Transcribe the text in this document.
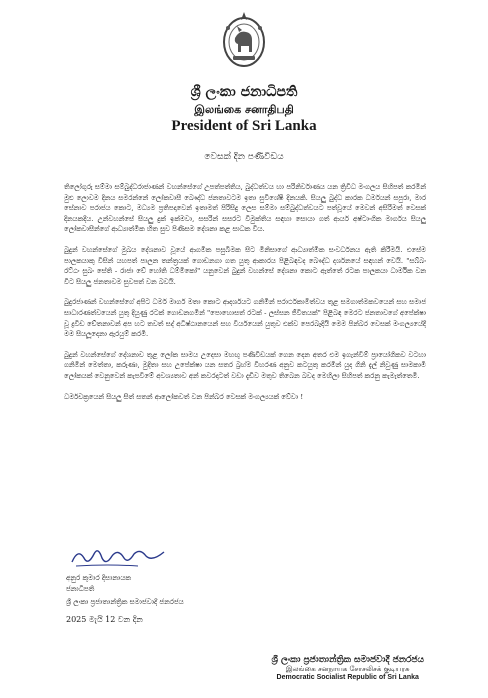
ශ්‍රී ලංකා ජනාධිපති
இலங்கை சனாதிபதி
President of Sri Lanka
වෙසක් දින පණිවිඩය

තිලෝගුරු සම්මා සම්බුද්ධරාජාණන් වහන්සේගේ උපත්පත්තිය, බුද්ධත්වය හා පරිනිර්වාණය යන ත්‍රිවිධ මංගලය සිහිපත් කරමින් මුළු ලොවම දිනය සමරන්නේ ලෝකවාසී බෞද්ධ ජනතාවටම ඉතා සුවිශේෂී දිනයකි. සියලු බුද්ධ කාරක ධර්මයන් සපුරා, මාර සේනාව පරාජය කොට, මධ්‍යම ප්‍රතිපදාවෙන් ඉතාමත් පිරිසිදු ලෙස සම්මා සම්බුද්ධත්වයට පත්වූයේ මෙවන් අසිරිමත් වෙසක් දිනයකදීය. උන්වහන්සේ සියලු දුක් ඉක්මවා, සසරින් සසරට විමුක්තිය සඳහා සොයා ගත් ආර්ය අෂ්ටාංගික මාර්ගය සියලු ලෝකවාසීන්ගේ ආධ්‍යාත්මික හිත සුව පිණිසම දේශනා කළ සාධක විය.

බුදුන් වහන්සේගේ මුඛය දේශනාව වූයේ ආගමික පසුබිමක සිට මිනිසාගේ ආධ්‍යාත්මික සංවර්ධනය ඇති කිරීමයි. එසේම පාලකයාකු විසින් යහපත් පාලන තන්ත්‍රයක් ගොඩනගා ගත යුතු ආකාරය පිළිබඳවද බෞද්ධ දර්ශනයේ සඳහන් වෙයි. "සබ්බං රට්ඨං සුඛං සේති - රාජා චේ හෝති ධම්මිකෝ" යනුවෙන් බුදුන් වහන්සේ දේශනා කොට ඇත්තේ රටක පාලකයා ධාර්මික වන විට සියලු ජනතාවම සුවපත් වන බවයි.

බුදුරජාණන් වහන්සේගේ අපිට ධර්ම මාර්ග මතා කොට ආදර්ශයට ගනිමින් පරාර්ථකාමීත්වය තුළ සමගාත්මකවයෙන් සහ සමාජ සාධාරණත්වයෙන් යුතු දියුණු රටක් ගොඩනගමින් "පොහොසත් රටක් - ලස්සන ජීවිතයක්" පිළිබඳ මෙරට ජනතාවගේ අපේක්ෂා වූ ද්‍රවිඩ චේතනාවන් අප හට තවත් සද් අධිෂ්ඨානයෙන් සහ වීර්යයෙන් යුතුව එක්ව පෙරබෑදියි මෙම පින්බර වෙසක් මංගල්‍යයේදී මම සියලූදෙනා ඇරයුම් කරමි.

බුදුන් වහන්සේගේ දේශනාව තුළ ලෝක සාමය උදෙසා මහඟු පණිවිඩයක් ගෙන දෙන අතර එම ඉගැන්වීම් ප්‍රායෝගිකව වටහා ගනිමින් මෙත්තා, කරුණා, මුදිතා සහ උපේක්ෂා යන සතර බ්‍රහ්ම විහරණ අනුව කටයුතු කරමින් යුද ගිනි දැල් නිවුණු සාමකාමී ලෝකයක් වෙනුවෙන් කැපවීමේ අවශ්‍යතාව අන් කවරදාටත් වඩා දැඩිව මතුව තිබෙන බවද මෙහිලා සිහිපත් කරනු කැමැත්තෙමි.

ධර්මචක්‍රයෙන් සියලු සිත් සතන් ආලෝකවත් වන පින්බර වෙසක් මංගල්‍යයක් වේවා !

අනුර කුමාර දිසානායක
ජනාධිපති
ශ්‍රී ලංකා ප්‍රජාතාන්ත්‍රික සමාජවාදී ජනරජය
2025 මැයි 12 වන දින
ශ්‍රී ලංකා ප්‍රජාතාන්ත්‍රික සමාජවාදී ජනරජය
இலங்கை சனநாயக சோசலிசக் குடியரசு
Democratic Socialist Republic of Sri Lanka
